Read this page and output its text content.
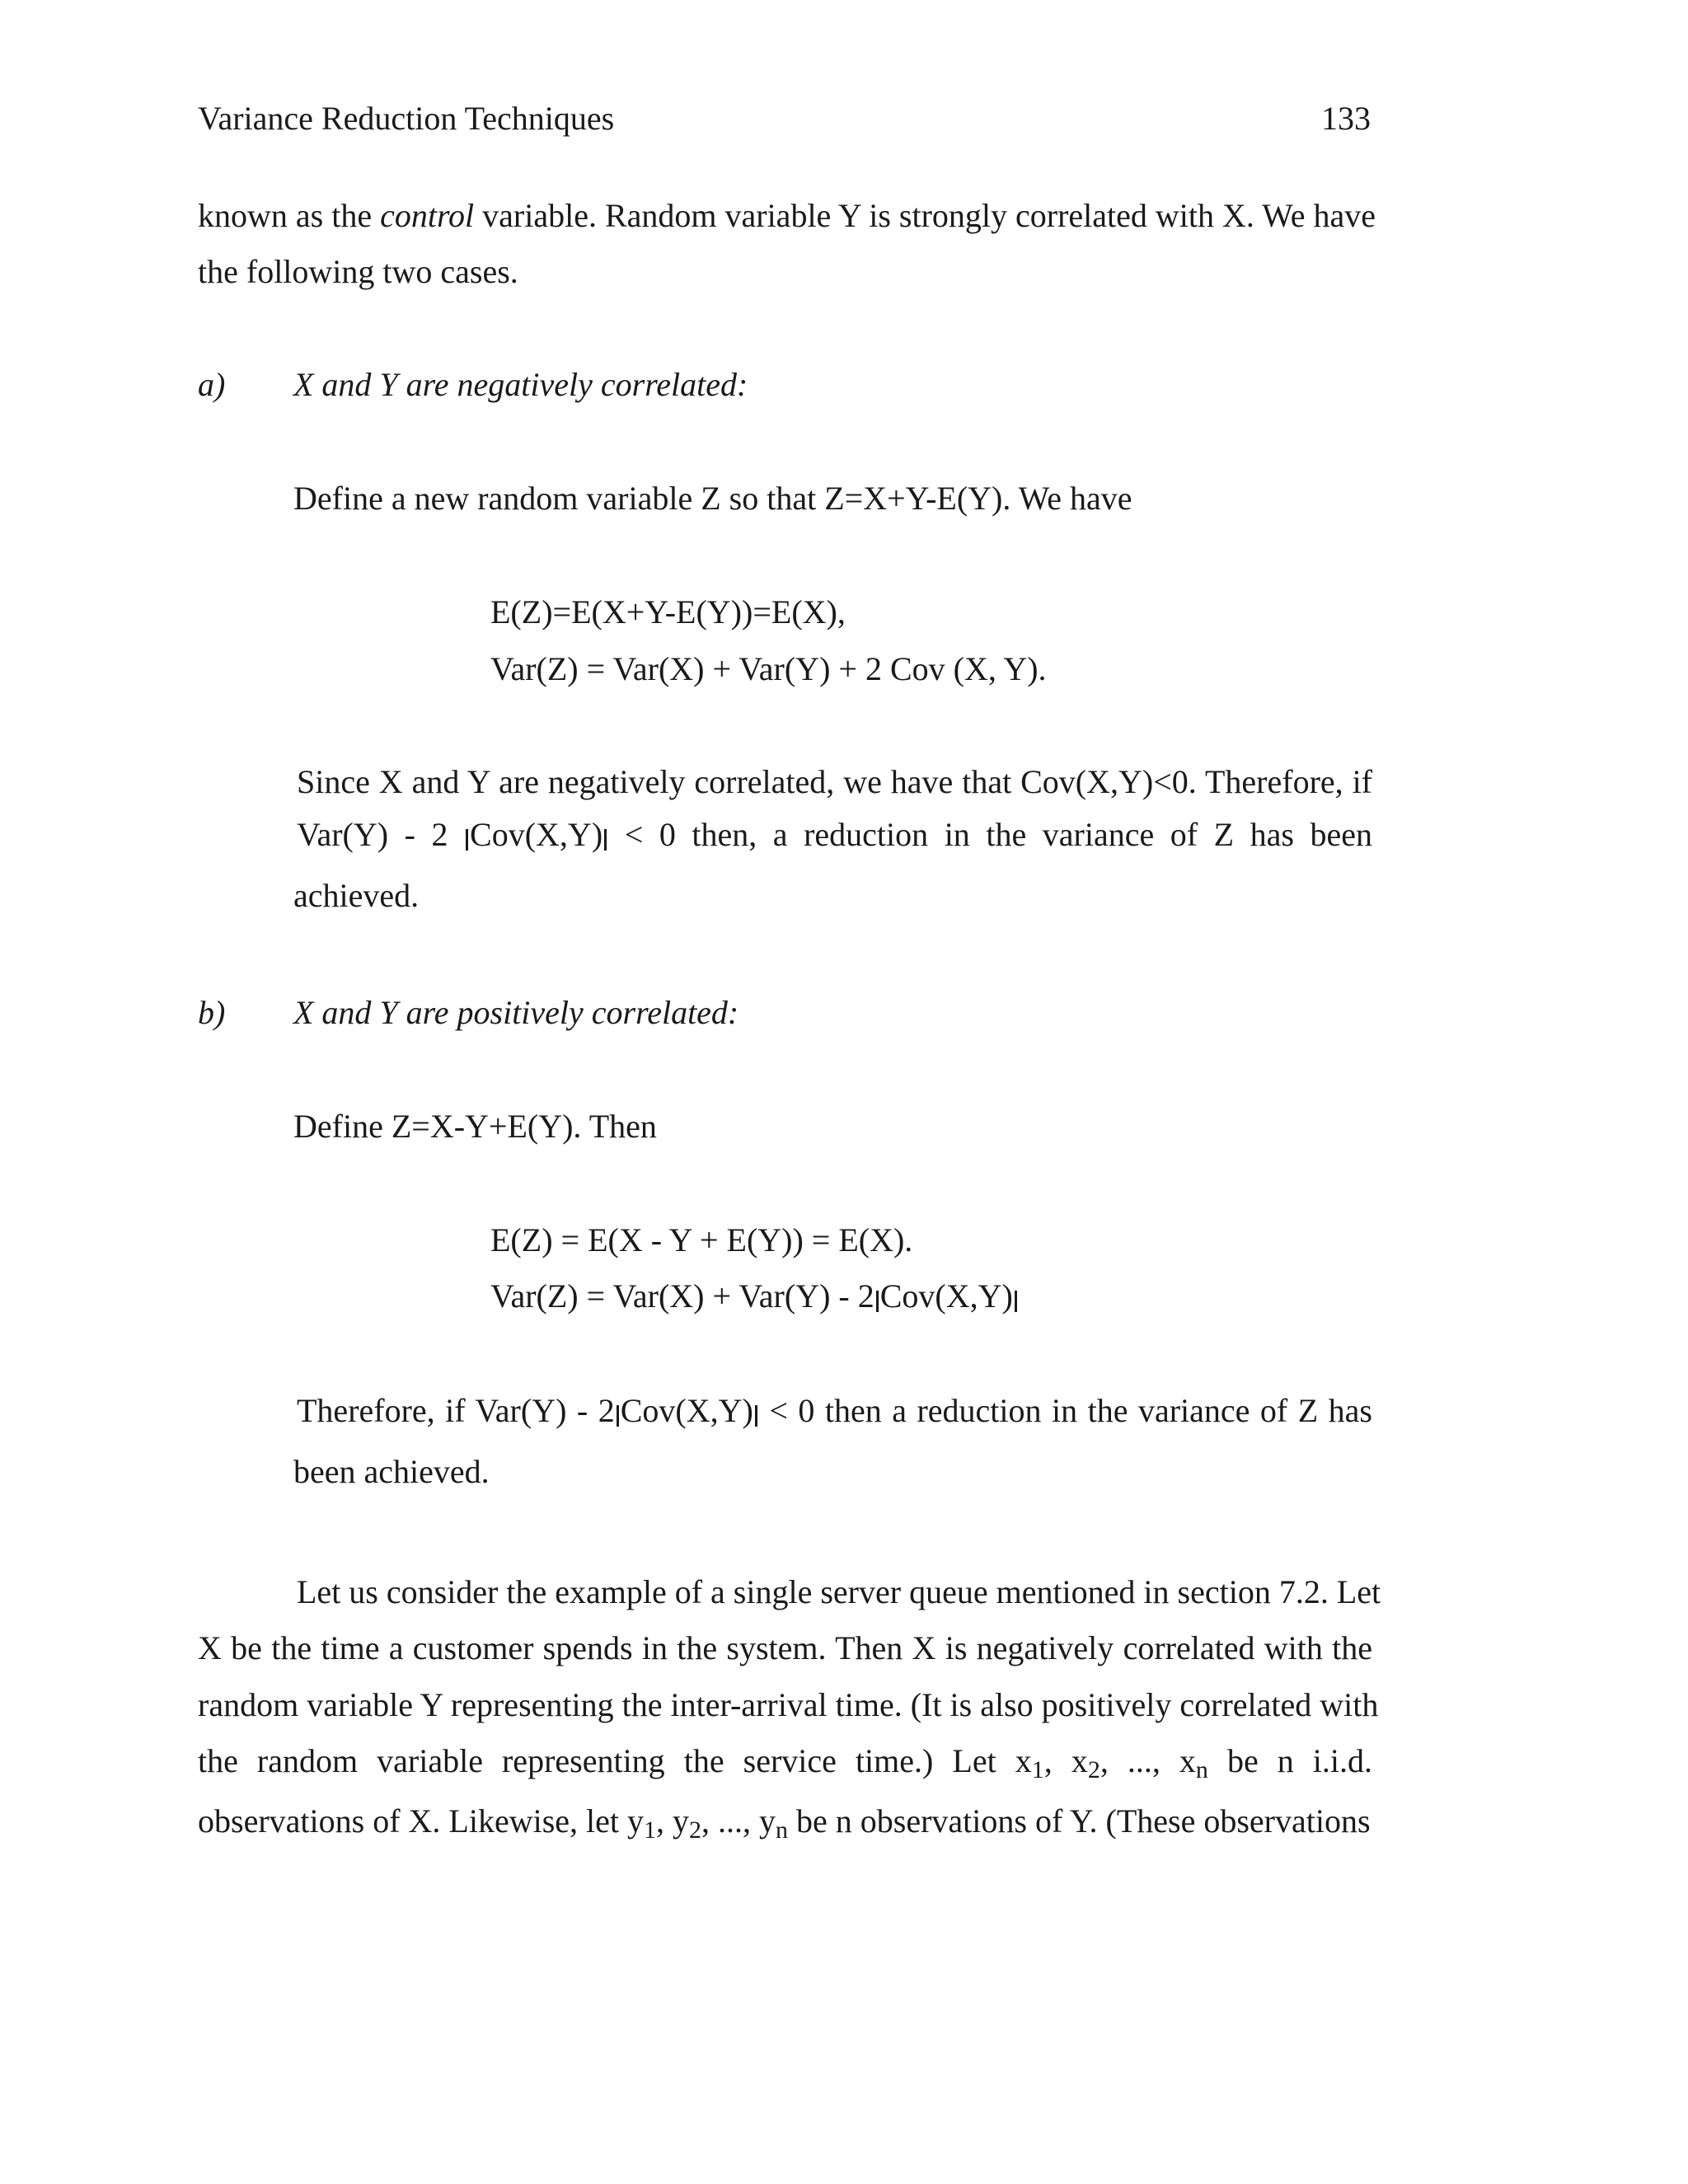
Variance Reduction Techniques	133
known as the control variable. Random variable Y is strongly correlated with X. We have
the following two cases.
a) X and Y are negatively correlated:
Define a new random variable Z so that Z=X+Y-E(Y). We have
E(Z)=E(X+Y-E(Y))=E(X),
Var(Z) = Var(X) + Var(Y) + 2 Cov (X, Y).
Since X and Y are negatively correlated, we have that Cov(X,Y)<0. Therefore, if
Var(Y) - 2 Cov(X,Y) < 0 then, a reduction in the variance of Z has been
achieved.
b) X and Y are positively correlated:
Define Z=X-Y+E(Y). Then
E(Z) = E(X - Y + E(Y)) = E(X).
Var(Z) = Var(X) + Var(Y) - 2 Cov(X,Y)
Therefore, if Var(Y) - 2 Cov(X,Y) < 0 then a reduction in the variance of Z has
been achieved.
Let us consider the example of a single server queue mentioned in section 7.2. Let
X be the time a customer spends in the system. Then X is negatively correlated with the
random variable Y representing the inter-arrival time. (It is also positively correlated with
the random variable representing the service time.) Let $x_1$, $x_2$, ..., $x_n$ be n i.i.d.
observations of X. Likewise, let $y_1$, $y_2$, ..., $y_n$ be n observations of Y. (These observations
